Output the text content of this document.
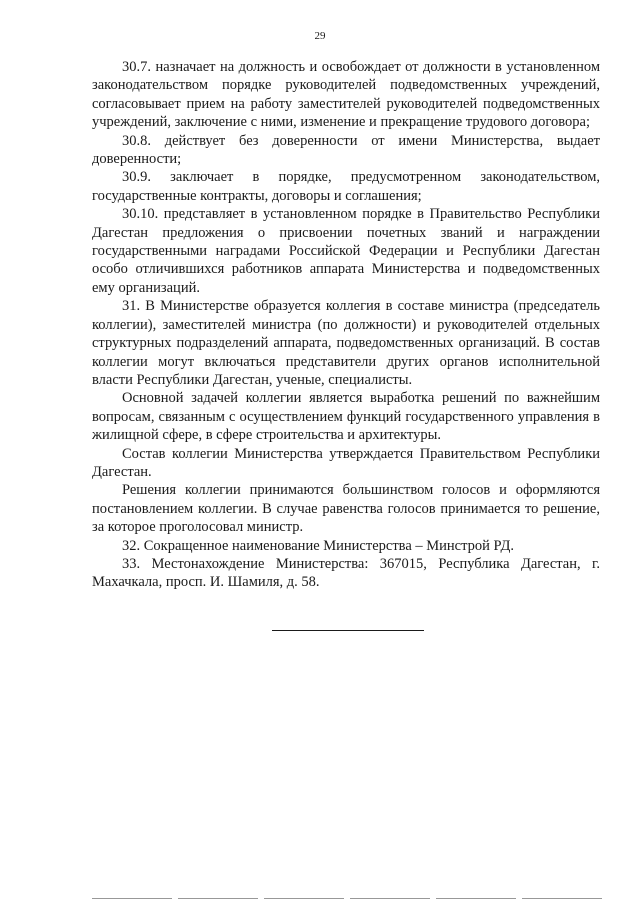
29

30.7. назначает на должность и освобождает от должности в установленном законодательством порядке руководителей подведомственных учреждений, согласовывает прием на работу заместителей руководителей подведомственных учреждений, заключение с ними, изменение и прекращение трудового договора;

30.8. действует без доверенности от имени Министерства, выдает доверенности;

30.9. заключает в порядке, предусмотренном законодательством, государственные контракты, договоры и соглашения;

30.10. представляет в установленном порядке в Правительство Республики Дагестан предложения о присвоении почетных званий и награждении государственными наградами Российской Федерации и Республики Дагестан особо отличившихся работников аппарата Министерства и подведомственных ему организаций.

31. В Министерстве образуется коллегия в составе министра (председатель коллегии), заместителей министра (по должности) и руководителей отдельных структурных подразделений аппарата, подведомственных организаций. В состав коллегии могут включаться представители других органов исполнительной власти Республики Дагестан, ученые, специалисты.

Основной задачей коллегии является выработка решений по важнейшим вопросам, связанным с осуществлением функций государственного управления в жилищной сфере, в сфере строительства и архитектуры.

Состав коллегии Министерства утверждается Правительством Республики Дагестан.

Решения коллегии принимаются большинством голосов и оформляются постановлением коллегии. В случае равенства голосов принимается то решение, за которое проголосовал министр.

32. Сокращенное наименование Министерства – Минстрой РД.

33. Местонахождение Министерства: 367015, Республика Дагестан, г. Махачкала, просп. И. Шамиля, д. 58.
